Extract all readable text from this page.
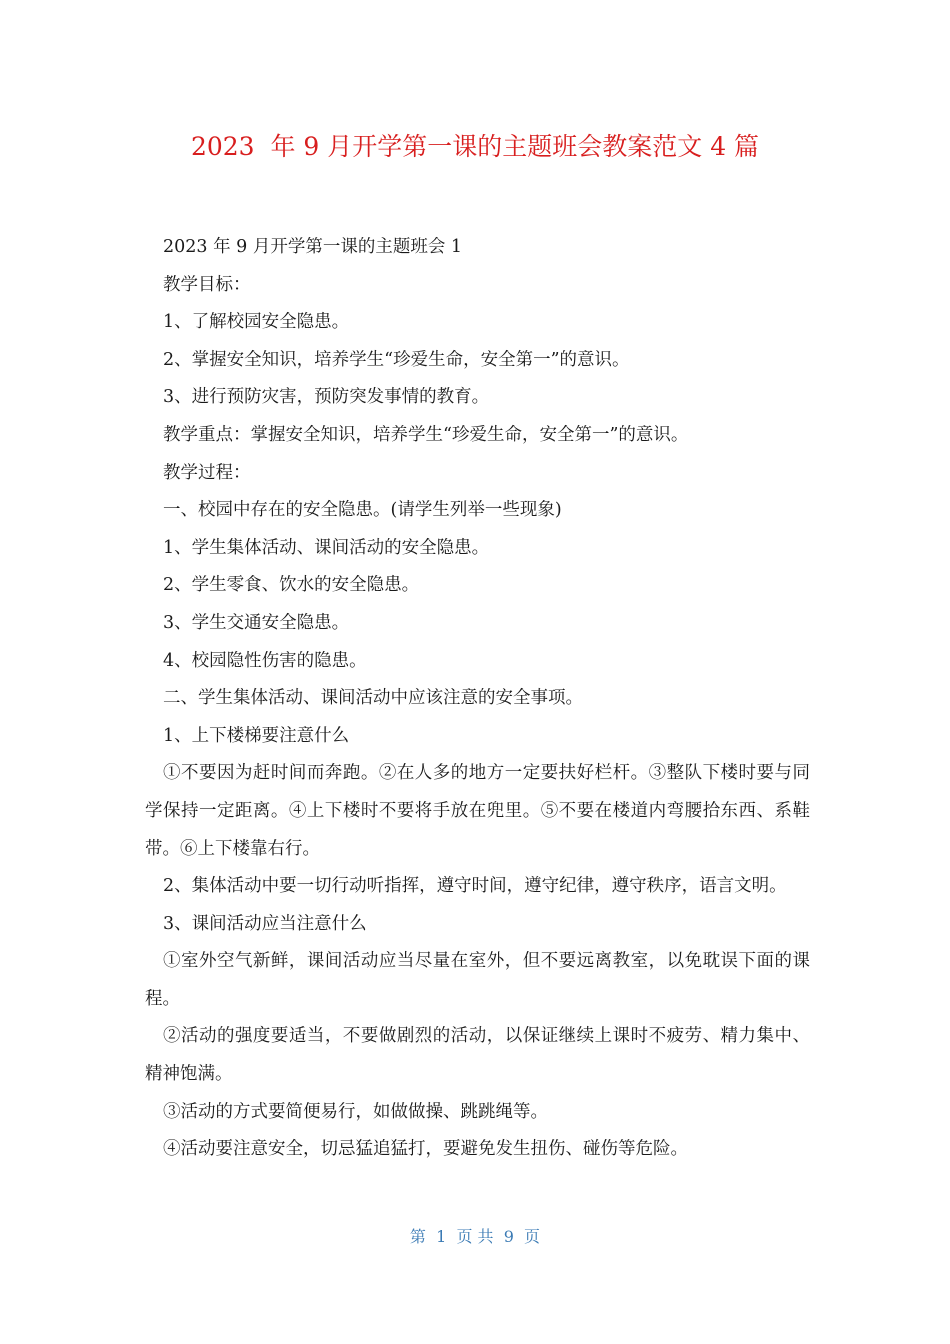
2023  年 9 月开学第一课的主题班会教案范文 4 篇

2023 年 9 月开学第一课的主题班会 1

教学目标：

1、了解校园安全隐患。

2、掌握安全知识，培养学生“珍爱生命，安全第一”的意识。

3、进行预防灾害，预防突发事情的教育。

教学重点：掌握安全知识，培养学生“珍爱生命，安全第一”的意识。

教学过程：

一、校园中存在的安全隐患。(请学生列举一些现象)

1、学生集体活动、课间活动的安全隐患。

2、学生零食、饮水的安全隐患。

3、学生交通安全隐患。

4、校园隐性伤害的隐患。

二、学生集体活动、课间活动中应该注意的安全事项。

1、上下楼梯要注意什么

①不要因为赶时间而奔跑。②在人多的地方一定要扶好栏杆。③整队下楼时要与同学保持一定距离。④上下楼时不要将手放在兜里。⑤不要在楼道内弯腰拾东西、系鞋带。⑥上下楼靠右行。

2、集体活动中要一切行动听指挥，遵守时间，遵守纪律，遵守秩序，语言文明。

3、课间活动应当注意什么

①室外空气新鲜，课间活动应当尽量在室外，但不要远离教室，以免耽误下面的课程。

②活动的强度要适当，不要做剧烈的活动，以保证继续上课时不疲劳、精力集中、精神饱满。

③活动的方式要简便易行，如做做操、跳跳绳等。

④活动要注意安全，切忌猛追猛打，要避免发生扭伤、碰伤等危险。

第  1  页 共  9  页
